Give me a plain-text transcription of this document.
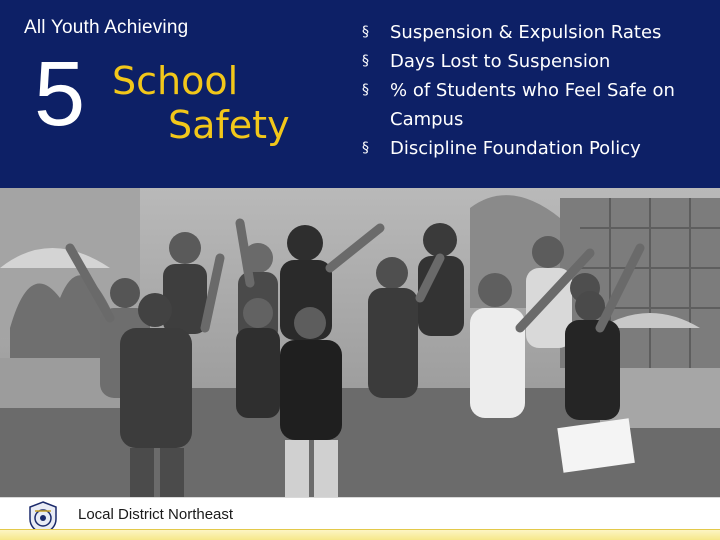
All Youth Achieving
5 School
Safety
§ Suspension & Expulsion Rates
§ Days Lost to Suspension
§ % of Students who Feel Safe on Campus
§ Discipline Foundation Policy
Local District Northeast
